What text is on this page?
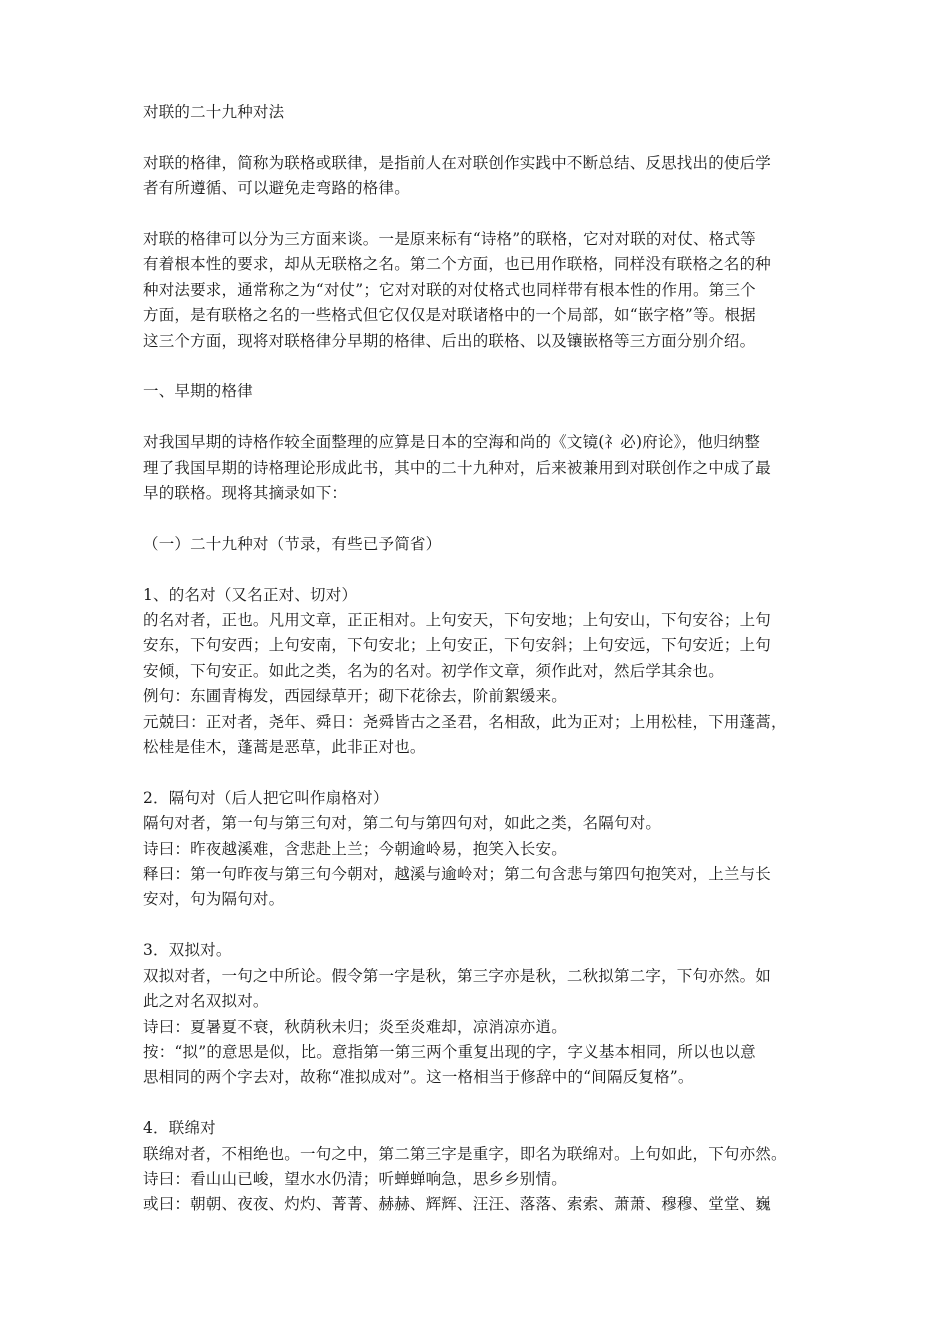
对联的二十九种对法
对联的格律，简称为联格或联律，是指前人在对联创作实践中不断总结、反思找出的使后学
者有所遵循、可以避免走弯路的格律。
对联的格律可以分为三方面来谈。一是原来标有“诗格”的联格，它对对联的对仗、格式等
有着根本性的要求，却从无联格之名。第二个方面，也已用作联格，同样没有联格之名的种
种对法要求，通常称之为“对仗”；它对对联的对仗格式也同样带有根本性的作用。第三个
方面，是有联格之名的一些格式但它仅仅是对联诸格中的一个局部，如“嵌字格”等。根据
这三个方面，现将对联格律分早期的格律、后出的联格、以及镶嵌格等三方面分别介绍。
一、早期的格律
对我国早期的诗格作较全面整理的应算是日本的空海和尚的《文镜(礻必)府论》，他归纳整
理了我国早期的诗格理论形成此书，其中的二十九种对，后来被兼用到对联创作之中成了最
早的联格。现将其摘录如下：
（一）二十九种对（节录，有些已予简省）
1、的名对（又名正对、切对）
的名对者，正也。凡用文章，正正相对。上句安天，下句安地；上句安山，下句安谷；上句
安东，下句安西；上句安南，下句安北；上句安正，下句安斜；上句安远，下句安近；上句
安倾，下句安正。如此之类，名为的名对。初学作文章，须作此对，然后学其余也。
例句：东圃青梅发，西园绿草开；砌下花徐去，阶前絮缓来。
元兢曰：正对者，尧年、舜日：尧舜皆古之圣君，名相敌，此为正对；上用松桂，下用蓬蒿，
松桂是佳木，蓬蒿是恶草，此非正对也。
2．隔句对（后人把它叫作扇格对）
隔句对者，第一句与第三句对，第二句与第四句对，如此之类，名隔句对。
诗曰：昨夜越溪难，含悲赴上兰；今朝逾岭易，抱笑入长安。
释曰：第一句昨夜与第三句今朝对，越溪与逾岭对；第二句含悲与第四句抱笑对，上兰与长
安对，句为隔句对。
3．双拟对。
双拟对者，一句之中所论。假令第一字是秋，第三字亦是秋，二秋拟第二字，下句亦然。如
此之对名双拟对。
诗曰：夏暑夏不衰，秋荫秋未归；炎至炎难却，凉消凉亦逍。
按：“拟”的意思是似，比。意指第一第三两个重复出现的字，字义基本相同，所以也以意
思相同的两个字去对，故称“准拟成对”。这一格相当于修辞中的“间隔反复格”。
4．联绵对
联绵对者，不相绝也。一句之中，第二第三字是重字，即名为联绵对。上句如此，下句亦然。
诗曰：看山山已峻，望水水仍清；听蝉蝉响急，思乡乡别情。
或曰：朝朝、夜夜、灼灼、菁菁、赫赫、辉辉、汪汪、落落、索索、萧萧、穆穆、堂堂、巍
